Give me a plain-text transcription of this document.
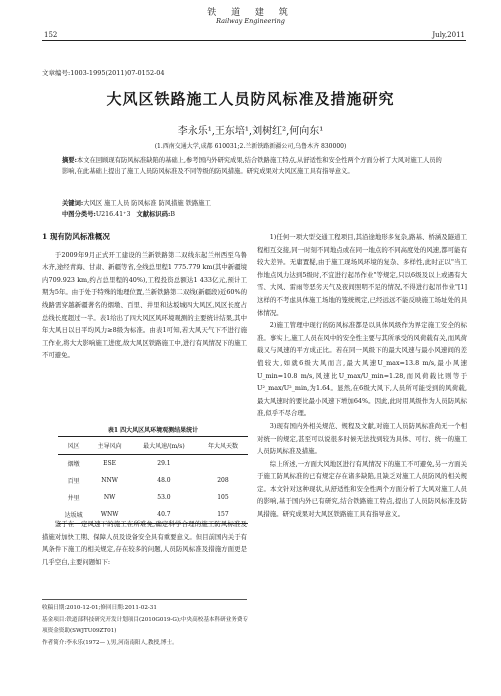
铁 道 建 筑
Railway Engineering
152	July,2011
文章编号:1003-1995(2011)07-0152-04
大风区铁路施工人员防风标准及措施研究
李永乐¹,王东培¹,刘树红²,何向东¹
(1.西南交通大学,成都 610031;2.兰新铁路新疆公司,乌鲁木齐 830000)
摘要:本文在回顾现有防风标准缺陷的基础上,参考国内外研究成果,结合铁路施工特点,从舒适性和安全性两个方面分析了大风对施工人员的影响,在此基础上提出了施工人员防风标准及不同等级的防风措施。研究成果对大风区施工具有指导意义。
关键词:大风区 施工人员 防风标准 防风措施 铁路施工
中图分类号:U216.41⁺3 文献标识码:B
1 现有防风标准概况
于2009年9月正式开工建设的兰新铁路第二双线东起兰州西至乌鲁木齐,途经青海、甘肃、新疆等省,全线总里程1 775.779 km(其中新疆境内709.923 km,约占总里程的40%),工程投资总额达1 433亿元,预计工期为5年。由于处于特殊的地理位置,兰新铁路第二双线(新疆段)近60%的线路需穿越新疆著名的烟墩、百里、井里和达坂城四大风区,风区长度占总线长度超过一半。表1给出了四大风区风环境观测的主要统计结果,其中年大风日以日平均风力≥8级为标准。由表1可知,若大风天气下不进行施工作业,将大大影响施工进度,故大风区铁路施工中,进行有风情况下的施工不可避免。
表1 四大风区风环境观测结果统计
风区	主导风向	最大风速/(m/s)	年大风天数
烟墩	ESE	29.1	
百里	NNW	48.0	208
井里	NW	53.0	105
达坂城	WNW	40.7	157
鉴于在一定风速下的施工在所难免,确定科学合理的施工防风标准及措施对加快工期、保障人员及设备安全具有重要意义。但目前国内关于有风条件下施工的相关规定,存在较多的问题,人员防风标准及措施方面更是几乎空白,主要问题如下:
收稿日期:2010-12-01;修回日期:2011-02-31
基金项目:铁道部科技研究开发计划项目(2010G019-G);中央高校基本科研业务费专项资金资助(SWJTU09ZT01)
作者简介:李永乐(1972— ),男,河南南阳人,教授,博士。
1)任何一项大型交通工程项目,其沿途地形多复杂,路基、桥涵及隧道工程相互交接,同一时刻不同地点或在同一地点的不同高度处的风速,都可能有较大差异。无庸置疑,由于施工现场风环境的复杂、多样性,此时正以"当工作地点风力达到5级时,不宜进行起吊作业"等规定,只以6级及以上或遇有大雪、大风、雷雨等恶劣天气及夜间照明不足的情况,不得进行起吊作业"[1]这样的不考虑具体施工场地的笼统规定,已经远远不能反映施工场址处的具体情况。
2)施工管理中现行的防风标准都是以具体风级作为界定施工安全的标准。事实上,施工人员在风中的安全性主要与其所承受的风荷载有关,而风荷载又与风速的平方成正比。若在同一风级下的最大风速与最小风速间的差值较大,如就6级大风而言,最大风速U_max=13.8 m/s,最小风速U_min=10.8 m/s,风速比U_max/U_min=1.28,而风荷载比则等于U²_max/U²_min,为1.64。显然,在6级大风下,人员所可能受到的风荷载,最大风速时的要比最小风速下增加64%。因此,此时用风级作为人员防风标准,似乎不尽合理。
3)现有国内外相关规范、规程及文献,对施工人员防风标准尚无一个相对统一的规定,甚至可以说很多时候无法找到较为具体、可行、统一的施工人员防风标准及措施。
综上所述,一方面大风地区进行有风情况下的施工不可避免,另一方面关于施工防风标准的已有规定存在诸多缺陷,且缺乏对施工人员防风的相关规定。本文针对这种现状,从舒适性和安全性两个方面分析了大风对施工人员的影响,基于国内外已有研究,结合铁路施工特点,提出了人员防风标准及防风措施。研究成果对大风区铁路施工具有指导意义。
